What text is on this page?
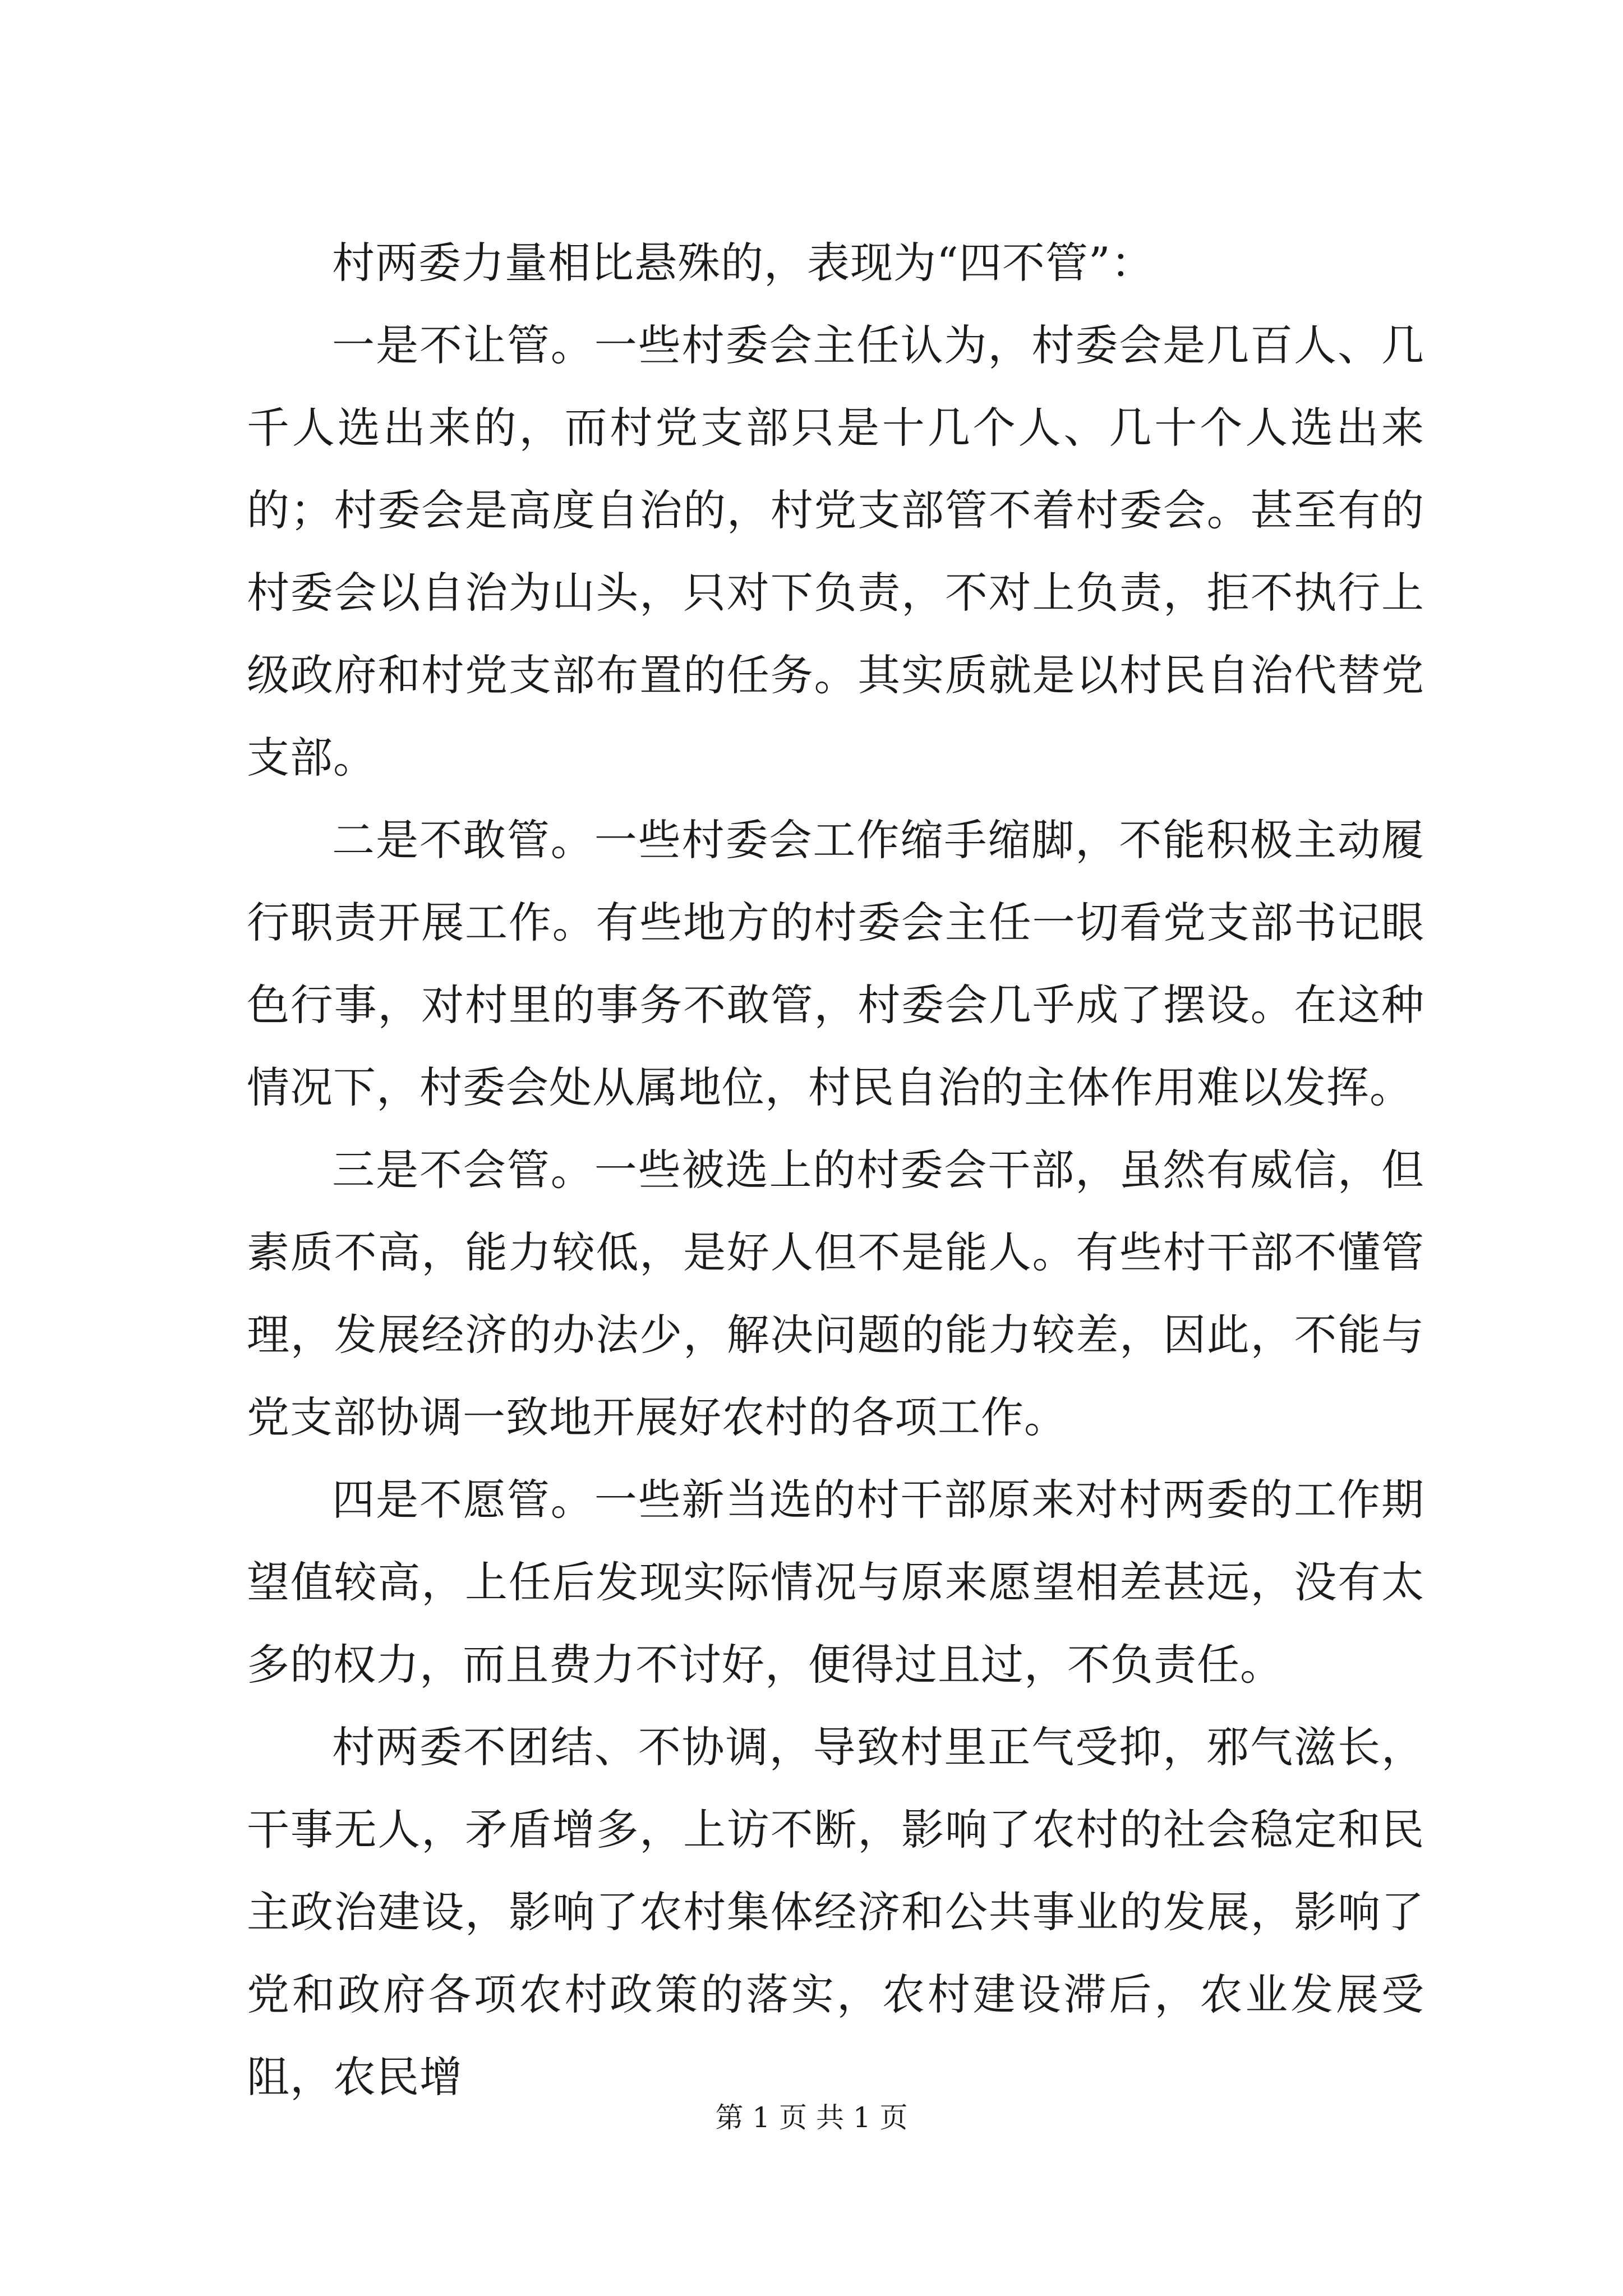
村两委力量相比悬殊的，表现为“四不管”：

一是不让管。一些村委会主任认为，村委会是几百人、几千人选出来的，而村党支部只是十几个人、几十个人选出来的；村委会是高度自治的，村党支部管不着村委会。甚至有的村委会以自治为山头，只对下负责，不对上负责，拒不执行上级政府和村党支部布置的任务。其实质就是以村民自治代替党支部。

二是不敢管。一些村委会工作缩手缩脚，不能积极主动履行职责开展工作。有些地方的村委会主任一切看党支部书记眼色行事，对村里的事务不敢管，村委会几乎成了摆设。在这种情况下，村委会处从属地位，村民自治的主体作用难以发挥。

三是不会管。一些被选上的村委会干部，虽然有威信，但素质不高，能力较低，是好人但不是能人。有些村干部不懂管理，发展经济的办法少，解决问题的能力较差，因此，不能与党支部协调一致地开展好农村的各项工作。

四是不愿管。一些新当选的村干部原来对村两委的工作期望值较高，上任后发现实际情况与原来愿望相差甚远，没有太多的权力，而且费力不讨好，便得过且过，不负责任。

村两委不团结、不协调，导致村里正气受抑，邪气滋长，干事无人，矛盾增多，上访不断，影响了农村的社会稳定和民主政治建设，影响了农村集体经济和公共事业的发展，影响了党和政府各项农村政策的落实，农村建设滞后，农业发展受阻，农民增

第 1 页 共 1 页
